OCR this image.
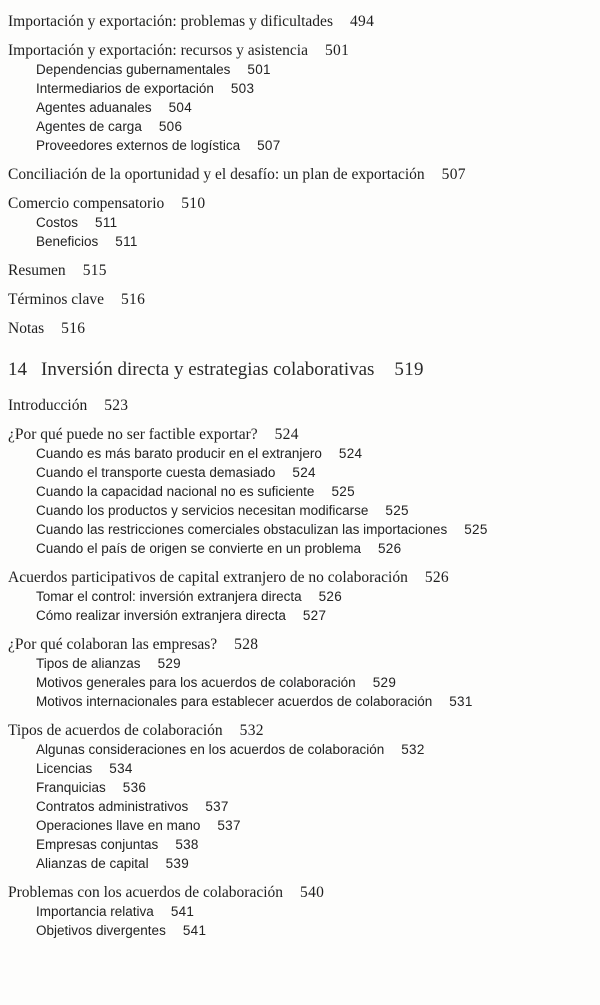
Importación y exportación: problemas y dificultades 494
Importación y exportación: recursos y asistencia 501
Dependencias gubernamentales 501
Intermediarios de exportación 503
Agentes aduanales 504
Agentes de carga 506
Proveedores externos de logística 507
Conciliación de la oportunidad y el desafío: un plan de exportación 507
Comercio compensatorio 510
Costos 511
Beneficios 511
Resumen 515
Términos clave 516
Notas 516
14 Inversión directa y estrategias colaborativas 519
Introducción 523
¿Por qué puede no ser factible exportar? 524
Cuando es más barato producir en el extranjero 524
Cuando el transporte cuesta demasiado 524
Cuando la capacidad nacional no es suficiente 525
Cuando los productos y servicios necesitan modificarse 525
Cuando las restricciones comerciales obstaculizan las importaciones 525
Cuando el país de origen se convierte en un problema 526
Acuerdos participativos de capital extranjero de no colaboración 526
Tomar el control: inversión extranjera directa 526
Cómo realizar inversión extranjera directa 527
¿Por qué colaboran las empresas? 528
Tipos de alianzas 529
Motivos generales para los acuerdos de colaboración 529
Motivos internacionales para establecer acuerdos de colaboración 531
Tipos de acuerdos de colaboración 532
Algunas consideraciones en los acuerdos de colaboración 532
Licencias 534
Franquicias 536
Contratos administrativos 537
Operaciones llave en mano 537
Empresas conjuntas 538
Alianzas de capital 539
Problemas con los acuerdos de colaboración 540
Importancia relativa 541
Objetivos divergentes 541
